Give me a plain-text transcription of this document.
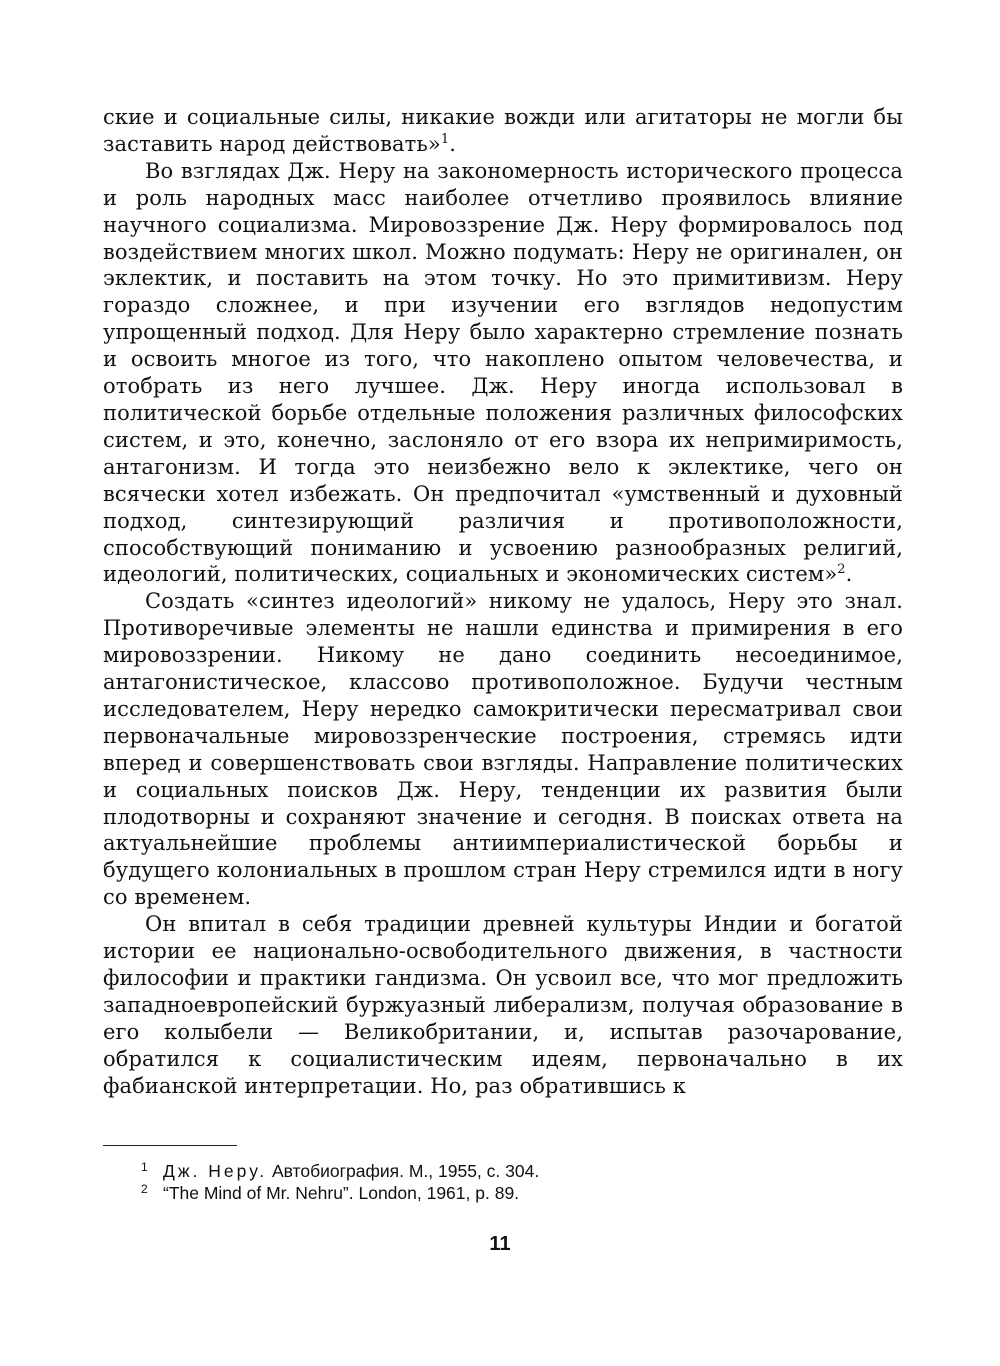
ские и социальные силы, никакие вожди или агитаторы не могли бы заставить народ действовать»$^1$.

Во взглядах Дж. Неру на закономерность исторического процесса и роль народных масс наиболее отчетливо проявилось влияние научного социализма. Мировоззрение Дж. Неру формировалось под воздействием многих школ. Можно подумать: Неру не оригинален, он эклектик, и поставить на этом точку. Но это примитивизм. Неру гораздо сложнее, и при изучении его взглядов недопустим упрощенный подход. Для Неру было характерно стремление познать и освоить многое из того, что накоплено опытом человечества, и отобрать из него лучшее. Дж. Неру иногда использовал в политической борьбе отдельные положения различных философских систем, и это, конечно, заслоняло от его взора их непримиримость, антагонизм. И тогда это неизбежно вело к эклектике, чего он всячески хотел избежать. Он предпочитал «умственный и духовный подход, синтезирующий различия и противоположности, способствующий пониманию и усвоению разнообразных религий, идеологий, политических, социальных и экономических систем»$^2$.

Создать «синтез идеологий» никому не удалось, Неру это знал. Противоречивые элементы не нашли единства и примирения в его мировоззрении. Никому не дано соединить несоединимое, антагонистическое, классово противоположное. Будучи честным исследователем, Неру нередко самокритически пересматривал свои первоначальные мировоззренческие построения, стремясь идти вперед и совершенствовать свои взгляды. Направление политических и социальных поисков Дж. Неру, тенденции их развития были плодотворны и сохраняют значение и сегодня. В поисках ответа на актуальнейшие проблемы антиимпериалистической борьбы и будущего колониальных в прошлом стран Неру стремился идти в ногу со временем.

Он впитал в себя традиции древней культуры Индии и богатой истории ее национально-освободительного движения, в частности философии и практики гандизма. Он усвоил все, что мог предложить западноевропейский буржуазный либерализм, получая образование в его колыбели — Великобритании, и, испытав разочарование, обратился к социалистическим идеям, первоначально в их фабианской интерпретации. Но, раз обратившись к

1 Дж. Неру. Автобиография. М., 1955, с. 304.

2 “The Mind of Mr. Nehru”. London, 1961, p. 89.

11
